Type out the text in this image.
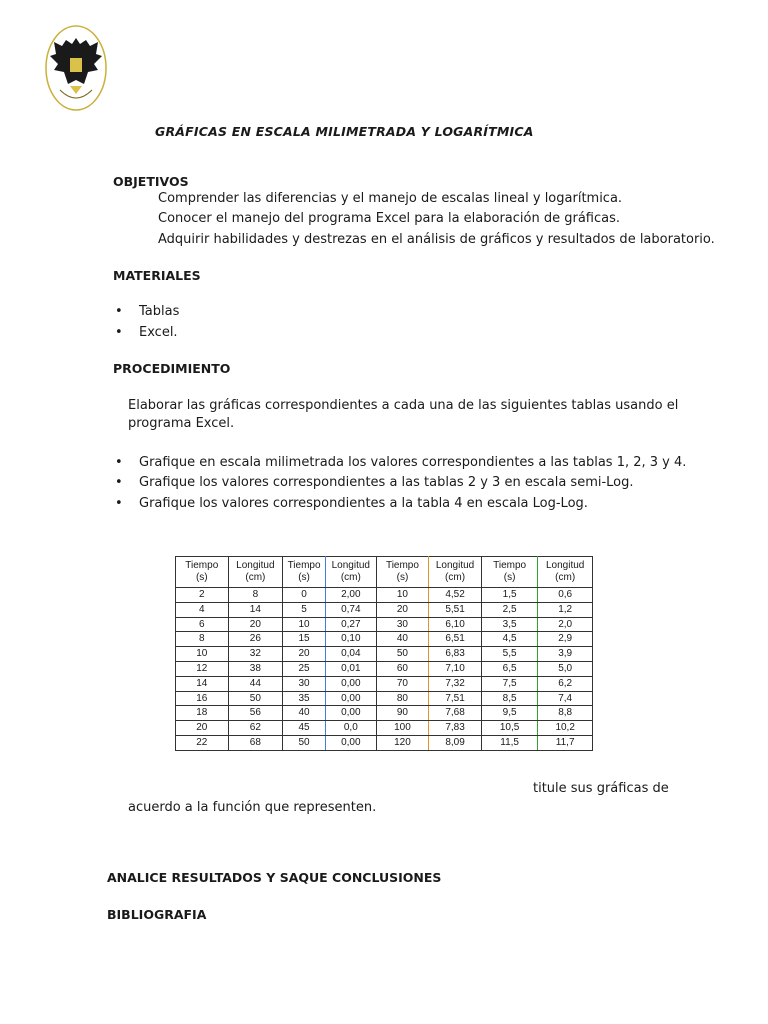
GRÁFICAS EN ESCALA MILIMETRADA Y LOGARÍTMICA
OBJETIVOS
Comprender las diferencias y el manejo de escalas lineal y logarítmica.
Conocer el manejo del programa Excel para la elaboración de gráficas.
Adquirir habilidades y destrezas en el análisis de gráficos y resultados de laboratorio.
MATERIALES
• Tablas
• Excel.
PROCEDIMIENTO
Elaborar las gráficas correspondientes a cada una de las siguientes tablas usando el
programa Excel.
• Grafique en escala milimetrada los valores correspondientes a las tablas 1, 2, 3 y 4.
• Grafique los valores correspondientes a las tablas 2 y 3 en escala semi-Log.
• Grafique los valores correspondientes a la tabla 4 en escala Log-Log.
Tiempo
(s)	Longitud
(cm)	Tiempo
(s)	Longitud
(cm)	Tiempo
(s)	Longitud
(cm)	Tiempo
(s)	Longitud
(cm)
2	8	0	2,00	10	4,52	1,5	0,6
4	14	5	0,74	20	5,51	2,5	1,2
6	20	10	0,27	30	6,10	3,5	2,0
8	26	15	0,10	40	6,51	4,5	2,9
10	32	20	0,04	50	6,83	5,5	3,9
12	38	25	0,01	60	7,10	6,5	5,0
14	44	30	0,00	70	7,32	7,5	6,2
16	50	35	0,00	80	7,51	8,5	7,4
18	56	40	0,00	90	7,68	9,5	8,8
20	62	45	0,0	100	7,83	10,5	10,2
22	68	50	0,00	120	8,09	11,5	11,7
titule sus gráficas de
acuerdo a la función que representen.
ANALICE RESULTADOS Y SAQUE CONCLUSIONES
BIBLIOGRAFIA
